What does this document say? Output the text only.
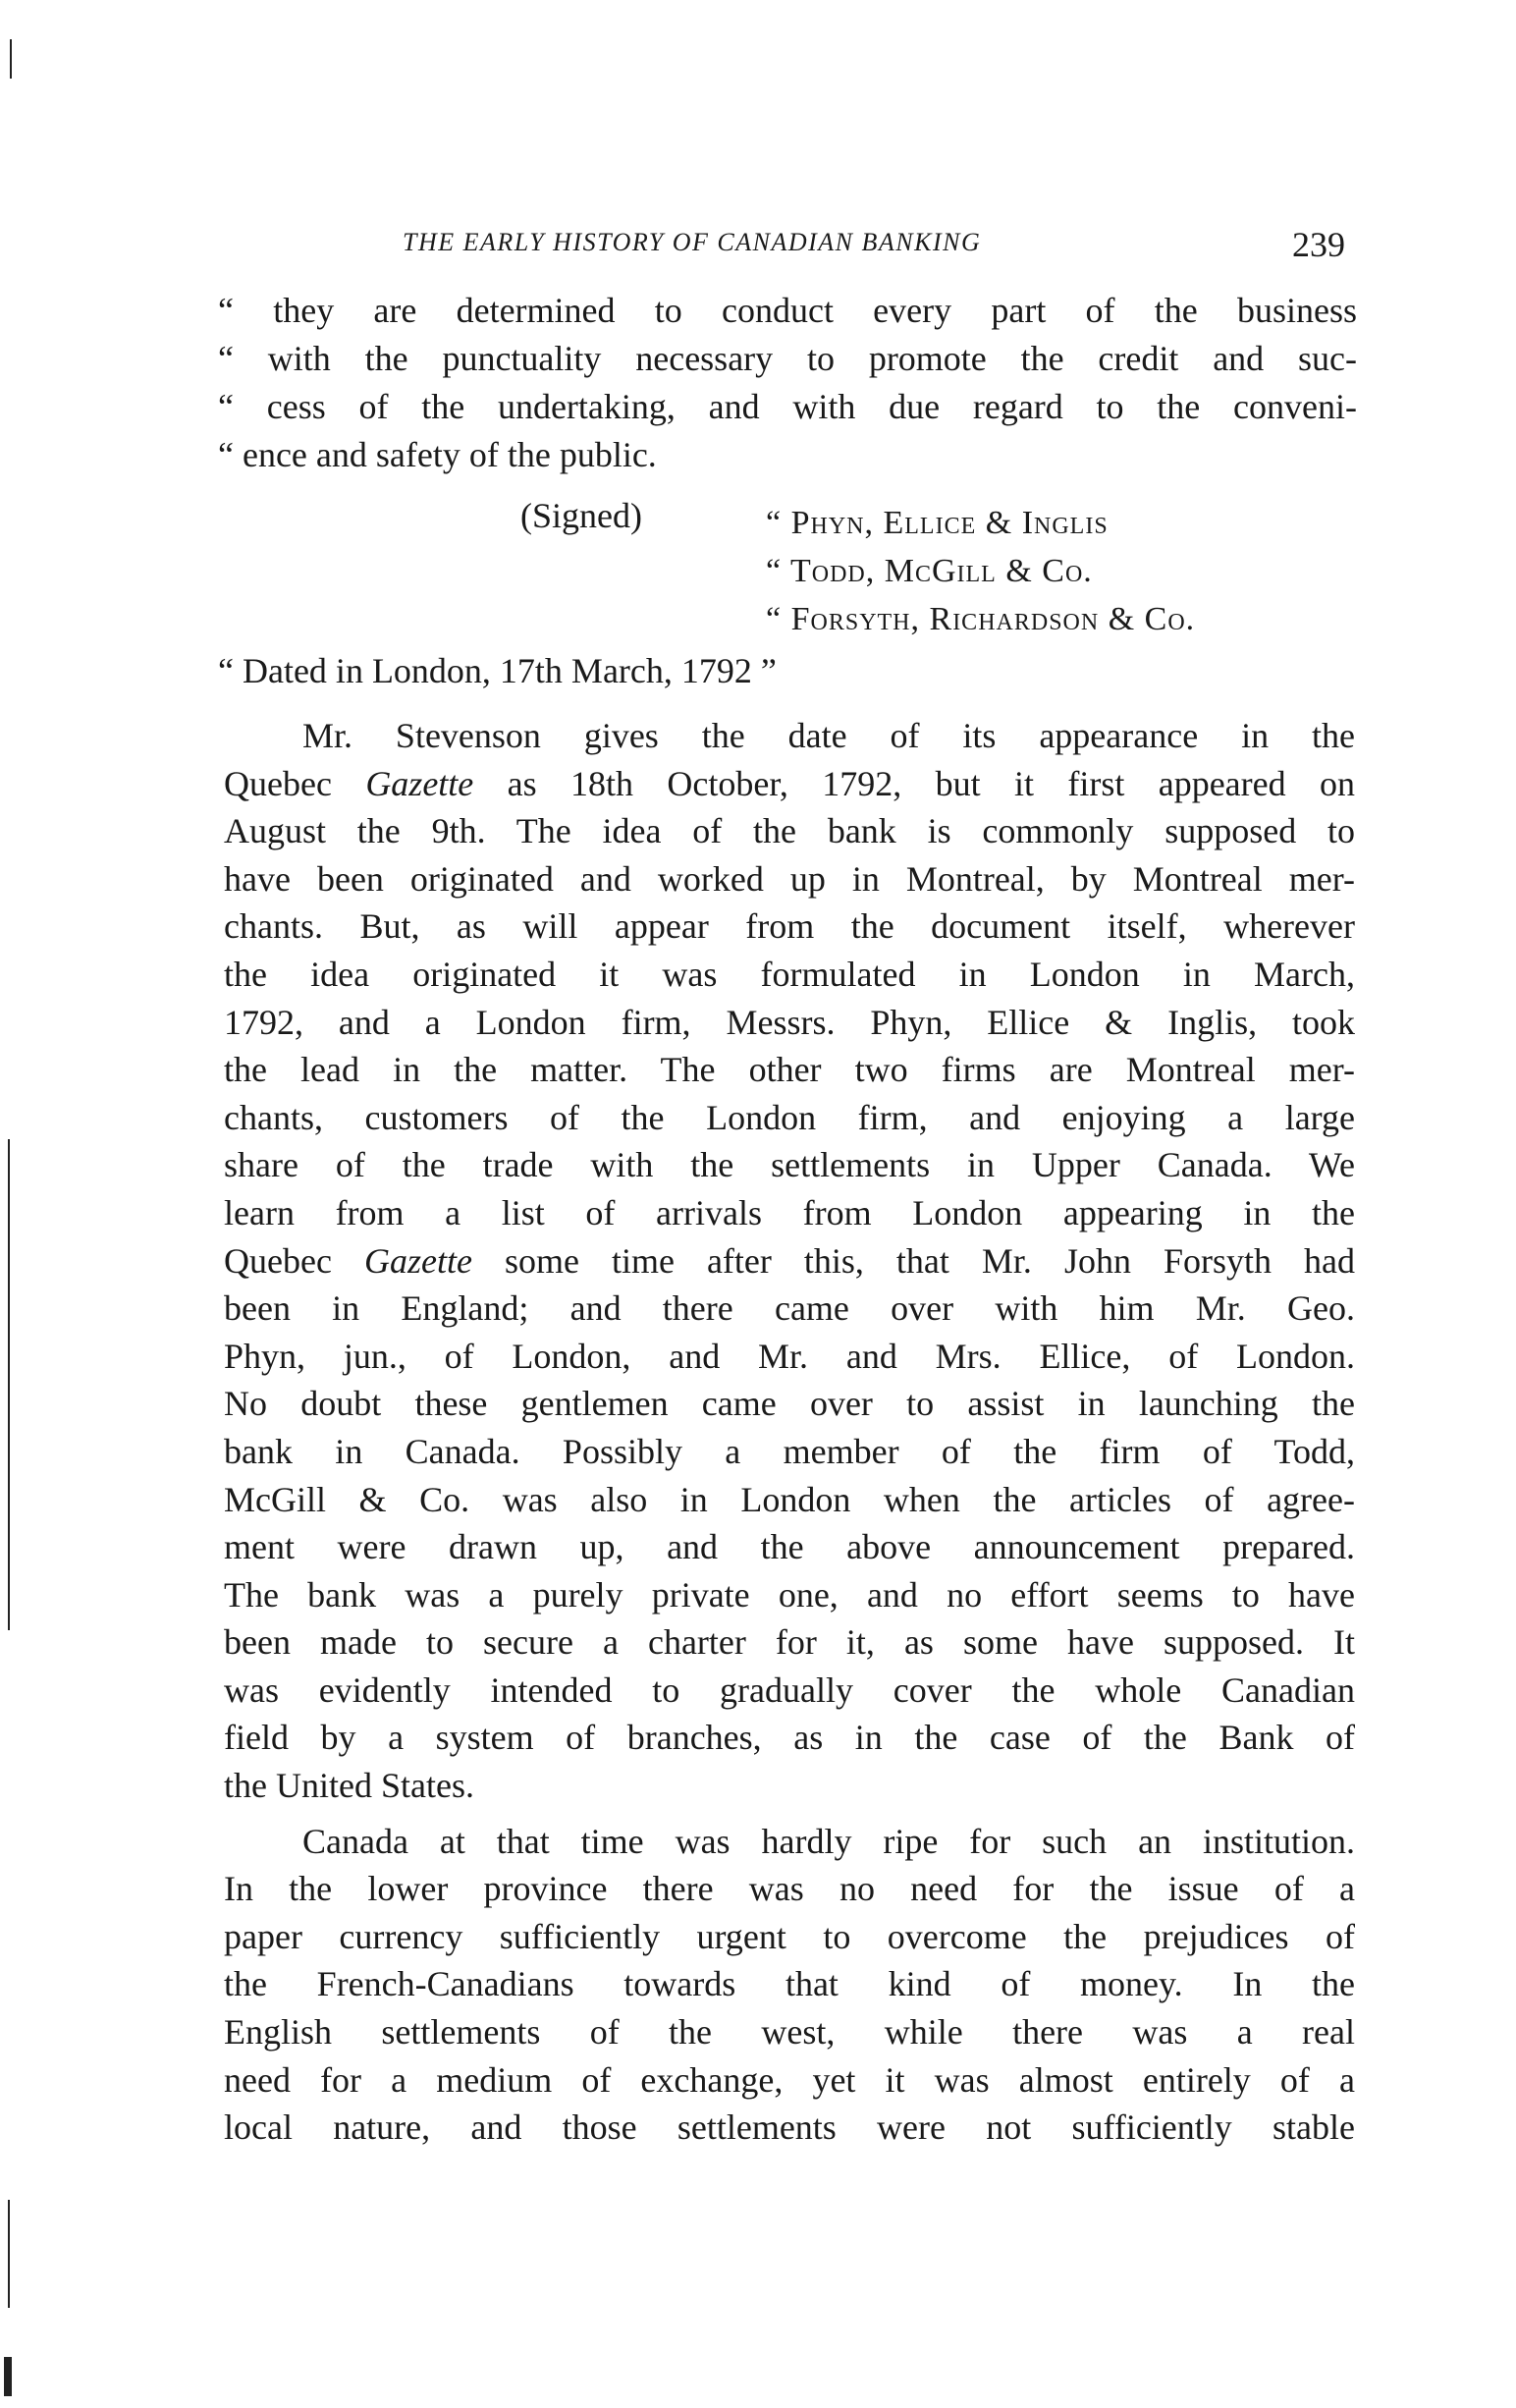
THE EARLY HISTORY OF CANADIAN BANKING	239
“ they are determined to conduct every part of the business
“ with the punctuality necessary to promote the credit and suc-
“ cess of the undertaking, and with due regard to the conveni-
“ ence and safety of the public.
(Signed)	“ Phyn, Ellice & Inglis
“ Todd, McGill & Co.
“ Forsyth, Richardson & Co.
“ Dated in London, 17th March, 1792 ”
Mr. Stevenson gives the date of its appearance in the
Quebec Gazette as 18th October, 1792, but it first appeared on
August the 9th. The idea of the bank is commonly supposed to
have been originated and worked up in Montreal, by Montreal mer-
chants. But, as will appear from the document itself, wherever
the idea originated it was formulated in London in March,
1792, and a London firm, Messrs. Phyn, Ellice & Inglis, took
the lead in the matter. The other two firms are Montreal mer-
chants, customers of the London firm, and enjoying a large
share of the trade with the settlements in Upper Canada. We
learn from a list of arrivals from London appearing in the
Quebec Gazette some time after this, that Mr. John Forsyth had
been in England; and there came over with him Mr. Geo.
Phyn, jun., of London, and Mr. and Mrs. Ellice, of London.
No doubt these gentlemen came over to assist in launching the
bank in Canada. Possibly a member of the firm of Todd,
McGill & Co. was also in London when the articles of agree-
ment were drawn up, and the above announcement prepared.
The bank was a purely private one, and no effort seems to have
been made to secure a charter for it, as some have supposed. It
was evidently intended to gradually cover the whole Canadian
field by a system of branches, as in the case of the Bank of
the United States.
Canada at that time was hardly ripe for such an institution.
In the lower province there was no need for the issue of a
paper currency sufficiently urgent to overcome the prejudices of
the French-Canadians towards that kind of money. In the
English settlements of the west, while there was a real
need for a medium of exchange, yet it was almost entirely of a
local nature, and those settlements were not sufficiently stable
